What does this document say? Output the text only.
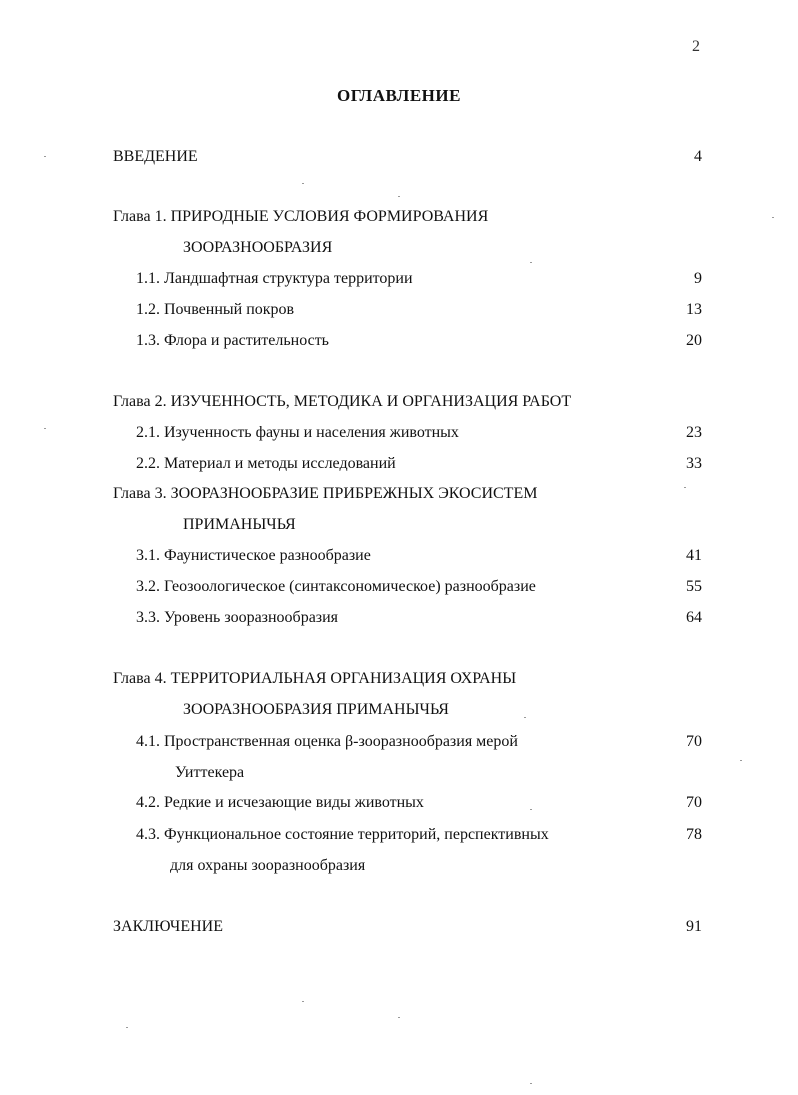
2
ОГЛАВЛЕНИЕ
ВВЕДЕНИЕ	4
Глава 1. ПРИРОДНЫЕ УСЛОВИЯ ФОРМИРОВАНИЯ
ЗООРАЗНООБРАЗИЯ
1.1. Ландшафтная структура территории	9
1.2. Почвенный покров	13
1.3. Флора и растительность	20
Глава 2. ИЗУЧЕННОСТЬ, МЕТОДИКА И ОРГАНИЗАЦИЯ РАБОТ
2.1. Изученность фауны и населения животных	23
2.2. Материал и методы исследований	33
Глава 3. ЗООРАЗНООБРАЗИЕ ПРИБРЕЖНЫХ ЭКОСИСТЕМ
ПРИМАНЫЧЬЯ
3.1. Фаунистическое разнообразие	41
3.2. Геозоологическое (синтаксономическое) разнообразие	55
3.3. Уровень зооразнообразия	64
Глава 4. ТЕРРИТОРИАЛЬНАЯ ОРГАНИЗАЦИЯ ОХРАНЫ
ЗООРАЗНООБРАЗИЯ ПРИМАНЫЧЬЯ
4.1. Пространственная оценка β-зооразнообразия мерой	70
Уиттекера
4.2. Редкие и исчезающие виды животных	70
4.3. Функциональное состояние территорий, перспективных	78
для охраны зооразнообразия
ЗАКЛЮЧЕНИЕ	91
